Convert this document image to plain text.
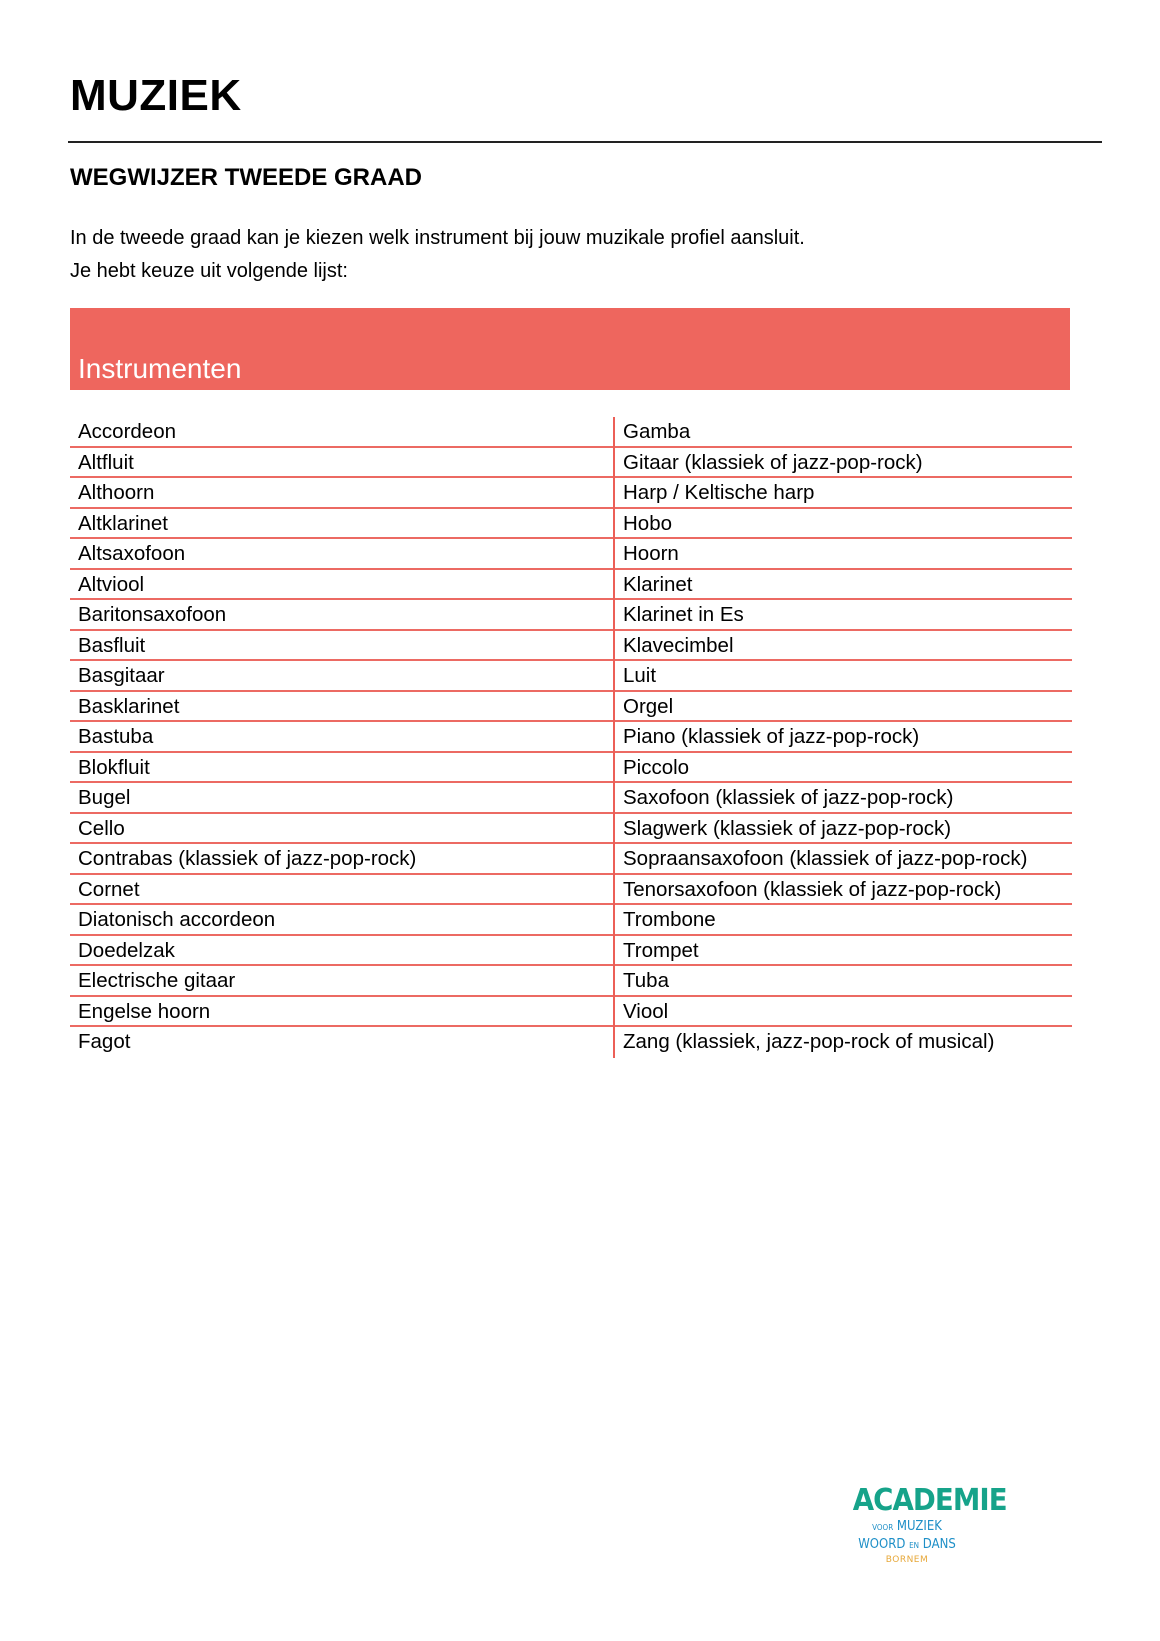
MUZIEK
WEGWIJZER TWEEDE GRAAD

In de tweede graad kan je kiezen welk instrument bij jouw muzikale profiel aansluit.

Je hebt keuze uit volgende lijst:

Instrumenten
Accordeon
Altfluit
Althoorn
Altklarinet
Altsaxofoon
Altviool
Baritonsaxofoon
Basfluit
Basgitaar
Basklarinet
Bastuba
Blokfluit
Bugel
Cello
Contrabas (klassiek of jazz-pop-rock)
Cornet
Diatonisch accordeon
Doedelzak
Electrische gitaar
Engelse hoorn
Fagot
Gamba
Gitaar (klassiek of jazz-pop-rock)
Harp / Keltische harp
Hobo
Hoorn
Klarinet
Klarinet in Es
Klavecimbel
Luit
Orgel
Piano (klassiek of jazz-pop-rock)
Piccolo
Saxofoon (klassiek of jazz-pop-rock)
Slagwerk (klassiek of jazz-pop-rock)
Sopraansaxofoon (klassiek of jazz-pop-rock)
Tenorsaxofoon (klassiek of jazz-pop-rock)
Trombone
Trompet
Tuba
Viool
Zang (klassiek, jazz-pop-rock of musical)
ACADEMIE
VOOR MUZIEK
WOORD EN DANS
BORNEM
